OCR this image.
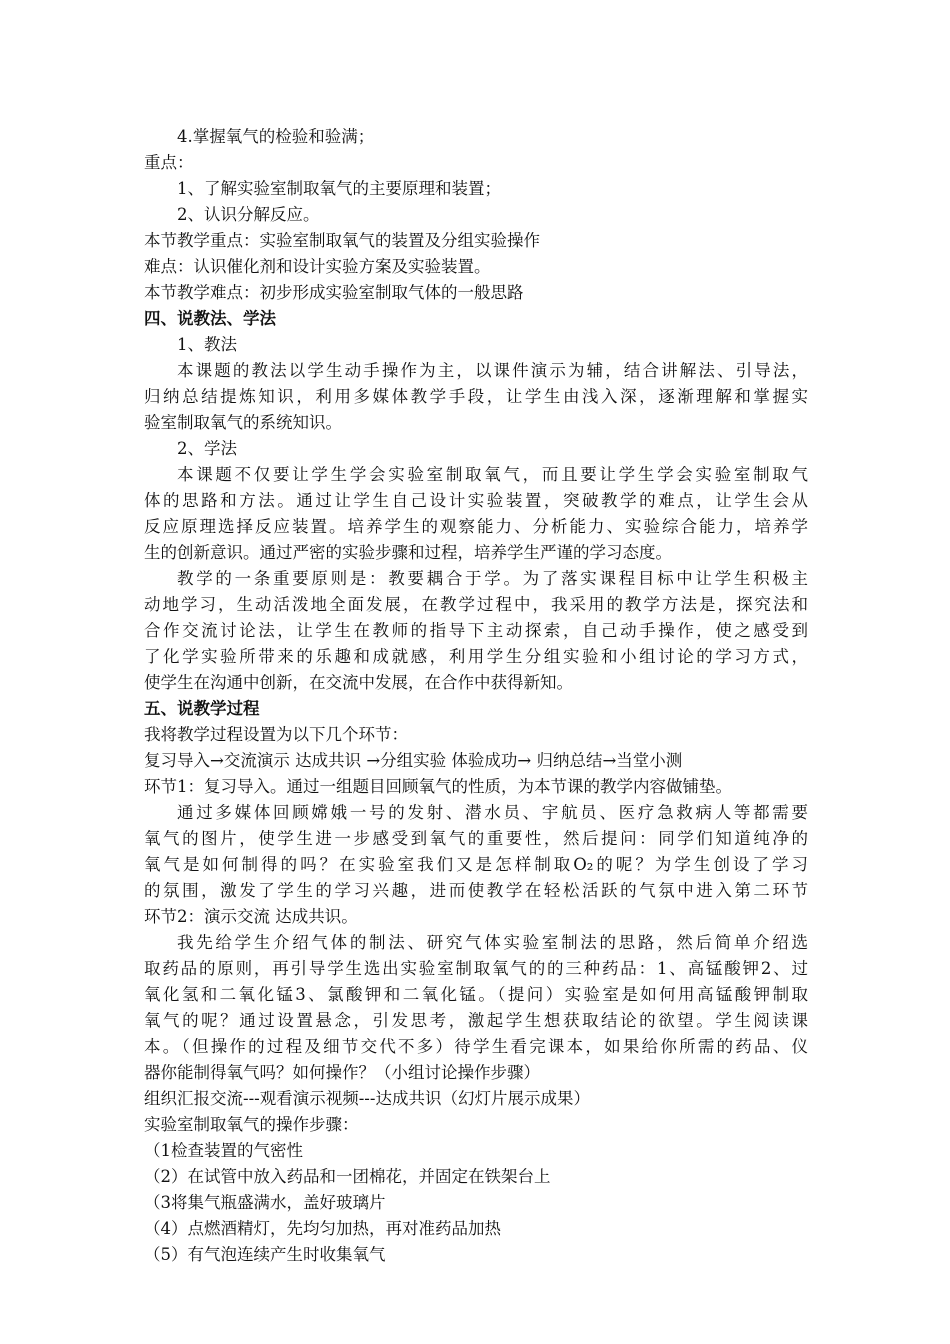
4.掌握氧气的检验和验满；
重点：
1、了解实验室制取氧气的主要原理和装置；
2、认识分解反应。
本节教学重点：实验室制取氧气的装置及分组实验操作
难点：认识催化剂和设计实验方案及实验装置。
本节教学难点：初步形成实验室制取气体的一般思路
四、说教法、学法
1、教法
本课题的教法以学生动手操作为主，以课件演示为辅，结合讲解法、引导法，
归纳总结提炼知识，利用多媒体教学手段，让学生由浅入深，逐渐理解和掌握实
验室制取氧气的系统知识。
2、学法
本课题不仅要让学生学会实验室制取氧气，而且要让学生学会实验室制取气
体的思路和方法。通过让学生自己设计实验装置，突破教学的难点，让学生会从
反应原理选择反应装置。培养学生的观察能力、分析能力、实验综合能力，培养学
生的创新意识。通过严密的实验步骤和过程，培养学生严谨的学习态度。
教学的一条重要原则是：教要耦合于学。为了落实课程目标中让学生积极主
动地学习，生动活泼地全面发展，在教学过程中，我采用的教学方法是，探究法和
合作交流讨论法，让学生在教师的指导下主动探索，自己动手操作，使之感受到
了化学实验所带来的乐趣和成就感，利用学生分组实验和小组讨论的学习方式，
使学生在沟通中创新，在交流中发展，在合作中获得新知。
五、说教学过程
我将教学过程设置为以下几个环节：
复习导入→交流演示 达成共识 →分组实验 体验成功→ 归纳总结→当堂小测
环节1：复习导入。通过一组题目回顾氧气的性质，为本节课的教学内容做铺垫。
通过多媒体回顾嫦娥一号的发射、潜水员、宇航员、医疗急救病人等都需要
氧气的图片，使学生进一步感受到氧气的重要性，然后提问：同学们知道纯净的
氧气是如何制得的吗？在实验室我们又是怎样制取O₂的呢？为学生创设了学习
的氛围，激发了学生的学习兴趣，进而使教学在轻松活跃的气氛中进入第二环节
环节2：演示交流 达成共识。
我先给学生介绍气体的制法、研究气体实验室制法的思路，然后简单介绍选
取药品的原则，再引导学生选出实验室制取氧气的的三种药品：1、高锰酸钾2、过
氧化氢和二氧化锰3、氯酸钾和二氧化锰。（提问）实验室是如何用高锰酸钾制取
氧气的呢？通过设置悬念，引发思考，激起学生想获取结论的欲望。学生阅读课
本。（但操作的过程及细节交代不多）待学生看完课本，如果给你所需的药品、仪
器你能制得氧气吗？如何操作？（小组讨论操作步骤）
组织汇报交流---观看演示视频---达成共识（幻灯片展示成果）
实验室制取氧气的操作步骤：
（1检查装置的气密性
（2）在试管中放入药品和一团棉花，并固定在铁架台上
（3将集气瓶盛满水，盖好玻璃片
（4）点燃酒精灯，先均匀加热，再对准药品加热
（5）有气泡连续产生时收集氧气
